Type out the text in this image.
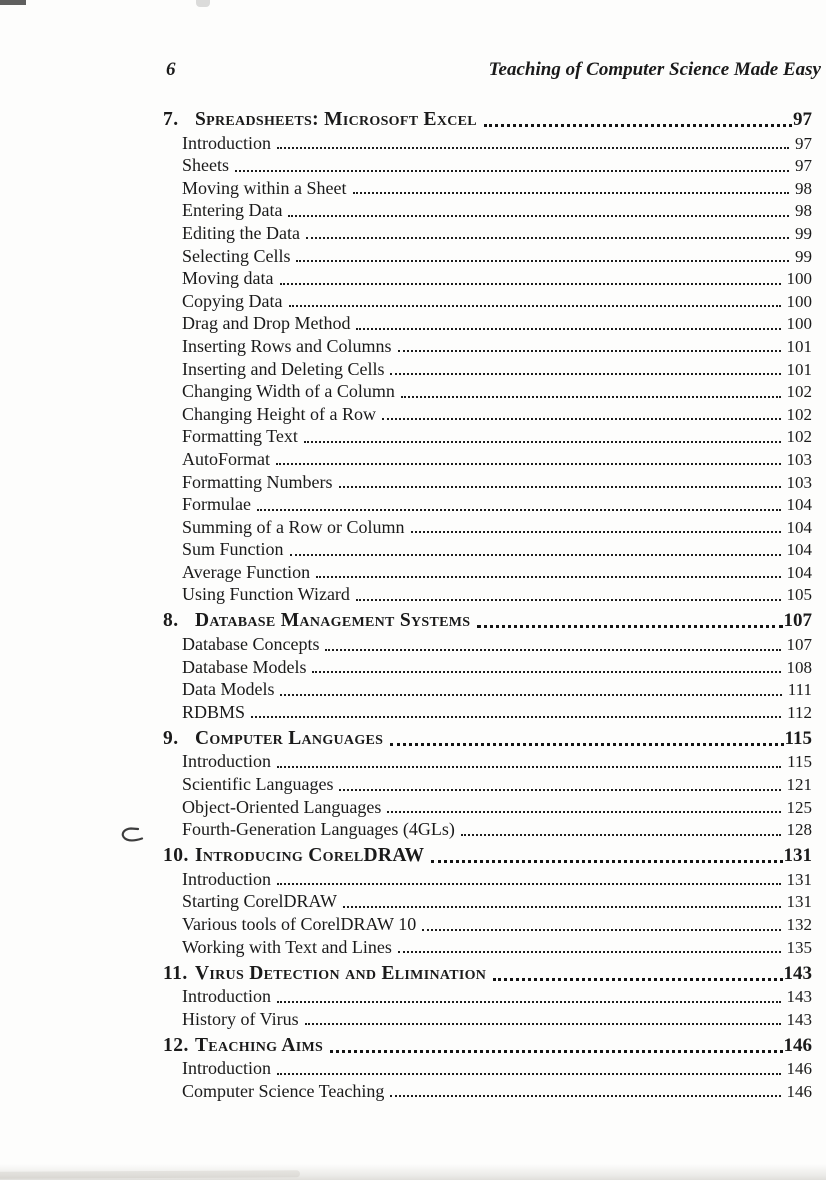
6	Teaching of Computer Science Made Easy
7. Spreadsheets: Microsoft Excel	97
Introduction	97
Sheets	97
Moving within a Sheet	98
Entering Data	98
Editing the Data	99
Selecting Cells	99
Moving data	100
Copying Data	100
Drag and Drop Method	100
Inserting Rows and Columns	101
Inserting and Deleting Cells	101
Changing Width of a Column	102
Changing Height of a Row	102
Formatting Text	102
AutoFormat	103
Formatting Numbers	103
Formulae	104
Summing of a Row or Column	104
Sum Function	104
Average Function	104
Using Function Wizard	105
8. Database Management Systems	107
Database Concepts	107
Database Models	108
Data Models	111
RDBMS	112
9. Computer Languages	115
Introduction	115
Scientific Languages	121
Object-Oriented Languages	125
Fourth-Generation Languages (4GLs)	128
10. Introducing CorelDRAW	131
Introduction	131
Starting CorelDRAW	131
Various tools of CorelDRAW 10	132
Working with Text and Lines	135
11. Virus Detection and Elimination	143
Introduction	143
History of Virus	143
12. Teaching Aims	146
Introduction	146
Computer Science Teaching	146
